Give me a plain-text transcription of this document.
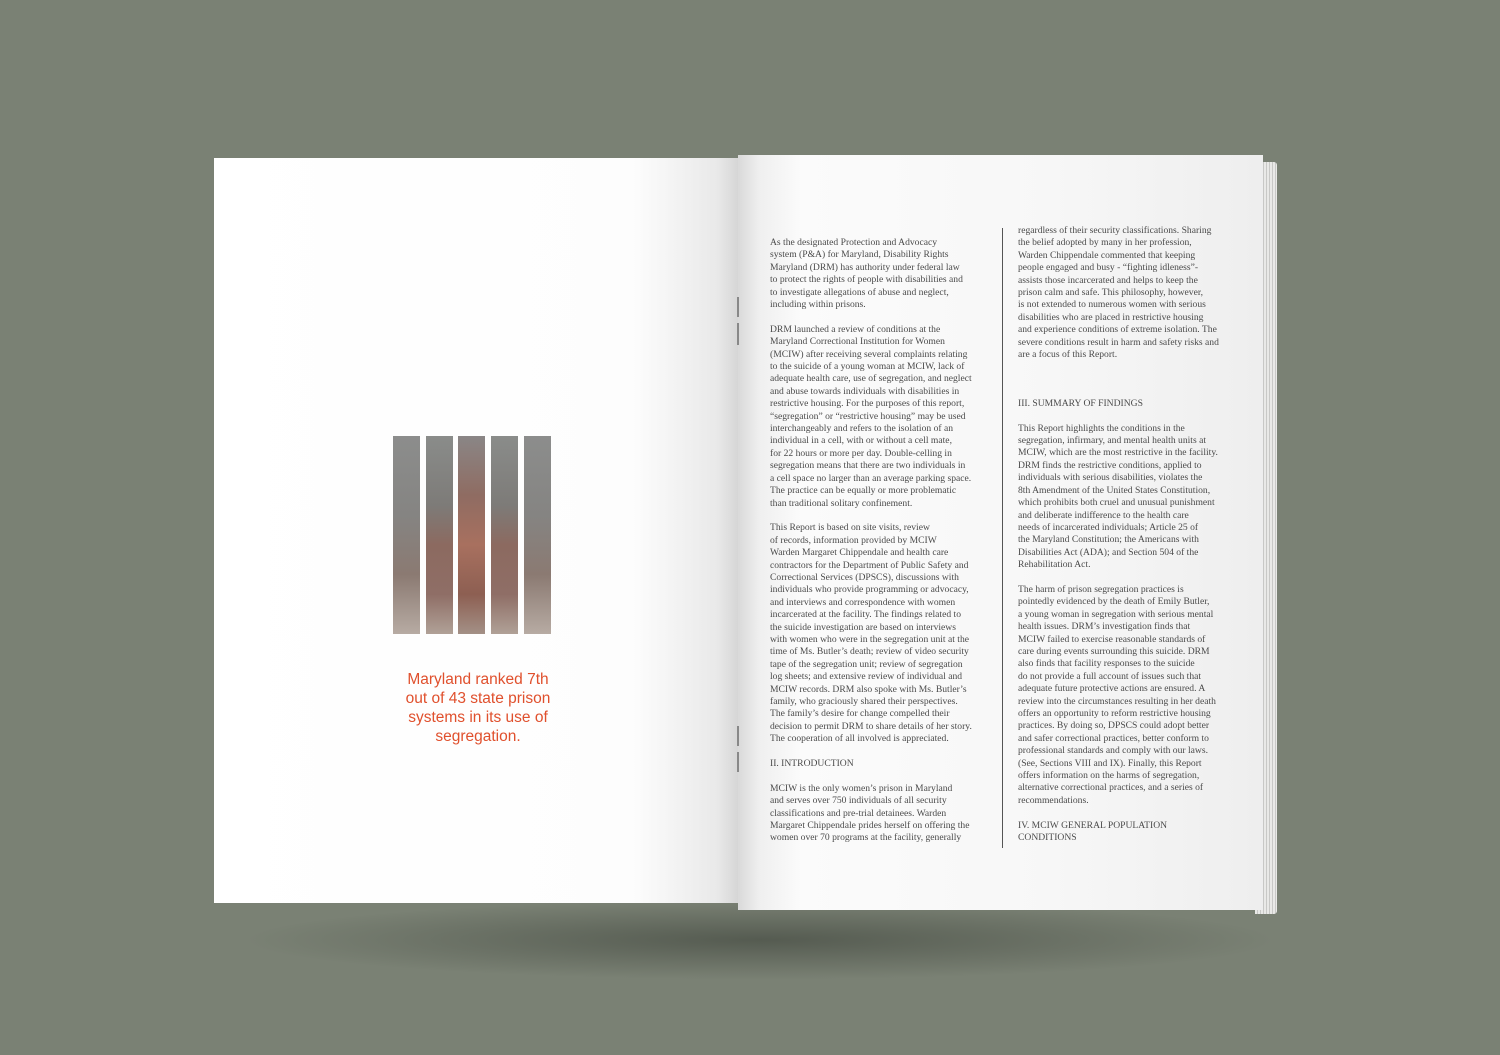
Maryland ranked 7th
out of 43 state prison
systems in its use of
segregation.

As the designated Protection and Advocacy
system (P&A) for Maryland, Disability Rights
Maryland (DRM) has authority under federal law
to protect the rights of people with disabilities and
to investigate allegations of abuse and neglect,
including within prisons.

DRM launched a review of conditions at the
Maryland Correctional Institution for Women
(MCIW) after receiving several complaints relating
to the suicide of a young woman at MCIW, lack of
adequate health care, use of segregation, and neglect
and abuse towards individuals with disabilities in
restrictive housing. For the purposes of this report,
“segregation” or “restrictive housing” may be used
interchangeably and refers to the isolation of an
individual in a cell, with or without a cell mate,
for 22 hours or more per day. Double-celling in
segregation means that there are two individuals in
a cell space no larger than an average parking space.
The practice can be equally or more problematic
than traditional solitary confinement.

This Report is based on site visits, review
of records, information provided by MCIW
Warden Margaret Chippendale and health care
contractors for the Department of Public Safety and
Correctional Services (DPSCS), discussions with
individuals who provide programming or advocacy,
and interviews and correspondence with women
incarcerated at the facility. The findings related to
the suicide investigation are based on interviews
with women who were in the segregation unit at the
time of Ms. Butler’s death; review of video security
tape of the segregation unit; review of segregation
log sheets; and extensive review of individual and
MCIW records. DRM also spoke with Ms. Butler’s
family, who graciously shared their perspectives.
The family’s desire for change compelled their
decision to permit DRM to share details of her story.
The cooperation of all involved is appreciated.

II. INTRODUCTION

MCIW is the only women’s prison in Maryland
and serves over 750 individuals of all security
classifications and pre-trial detainees. Warden
Margaret Chippendale prides herself on offering the
women over 70 programs at the facility, generally

regardless of their security classifications. Sharing
the belief adopted by many in her profession,
Warden Chippendale commented that keeping
people engaged and busy - “fighting idleness”-
assists those incarcerated and helps to keep the
prison calm and safe. This philosophy, however,
is not extended to numerous women with serious
disabilities who are placed in restrictive housing
and experience conditions of extreme isolation. The
severe conditions result in harm and safety risks and
are a focus of this Report.

III. SUMMARY OF FINDINGS

This Report highlights the conditions in the
segregation, infirmary, and mental health units at
MCIW, which are the most restrictive in the facility.
DRM finds the restrictive conditions, applied to
individuals with serious disabilities, violates the
8th Amendment of the United States Constitution,
which prohibits both cruel and unusual punishment
and deliberate indifference to the health care
needs of incarcerated individuals; Article 25 of
the Maryland Constitution; the Americans with
Disabilities Act (ADA); and Section 504 of the
Rehabilitation Act.

The harm of prison segregation practices is
pointedly evidenced by the death of Emily Butler,
a young woman in segregation with serious mental
health issues. DRM’s investigation finds that
MCIW failed to exercise reasonable standards of
care during events surrounding this suicide. DRM
also finds that facility responses to the suicide
do not provide a full account of issues such that
adequate future protective actions are ensured. A
review into the circumstances resulting in her death
offers an opportunity to reform restrictive housing
practices. By doing so, DPSCS could adopt better
and safer correctional practices, better conform to
professional standards and comply with our laws.
(See, Sections VIII and IX). Finally, this Report
offers information on the harms of segregation,
alternative correctional practices, and a series of
recommendations.

IV. MCIW GENERAL POPULATION
CONDITIONS
